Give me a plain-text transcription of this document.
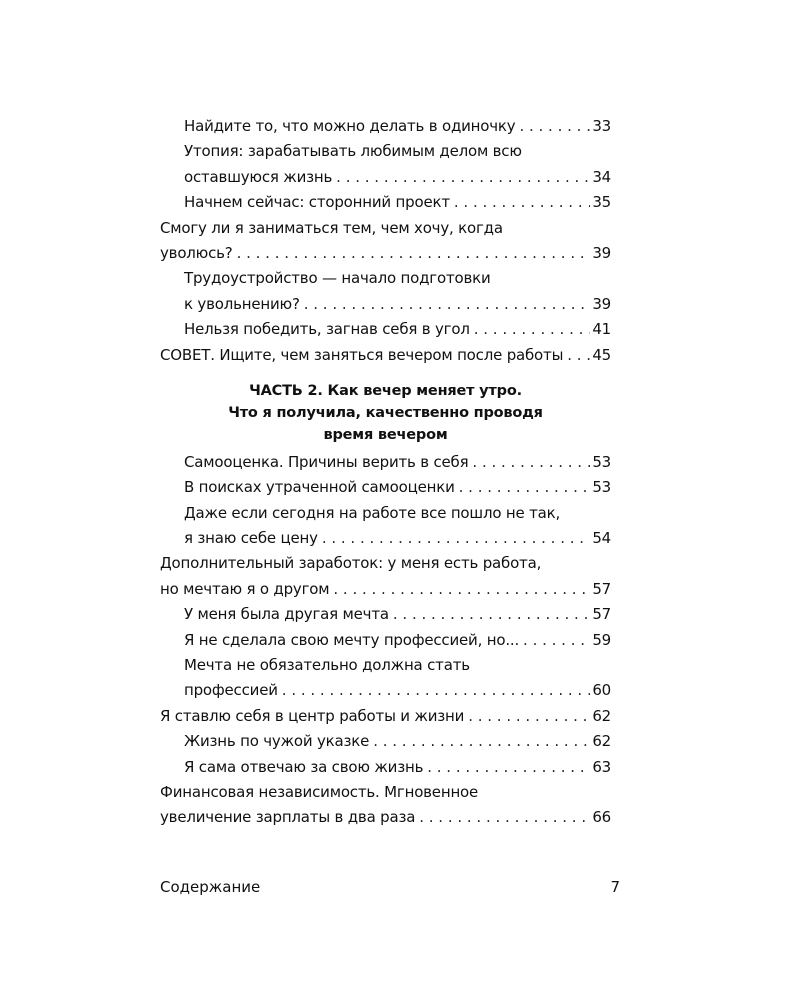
Найдите то, что можно делать в одиночку . . .	33
Утопия: зарабатывать любимым делом всю
оставшуюся жизнь . . .	34
Начнем сейчас: сторонний проект . . .	35
Смогу ли я заниматься тем, чем хочу, когда
уволюсь? . . .	39
Трудоустройство — начало подготовки
к увольнению? . . .	39
Нельзя победить, загнав себя в угол . . .	41
СОВЕТ. Ищите, чем заняться вечером после работы . . . 45
ЧАСТЬ 2. Как вечер меняет утро.
Что я получила, качественно проводя
время вечером
Самооценка. Причины верить в себя . . .	53
В поисках утраченной самооценки . . .	53
Даже если сегодня на работе все пошло не так,
я знаю себе цену . . .	54
Дополнительный заработок: у меня есть работа,
но мечтаю я о другом . . .	57
У меня была другая мечта . . .	57
Я не сделала свою мечту профессией, но... . . .	59
Мечта не обязательно должна стать
профессией . . .	60
Я ставлю себя в центр работы и жизни . . .	62
Жизнь по чужой указке . . .	62
Я сама отвечаю за свою жизнь . . .	63
Финансовая независимость. Мгновенное
увеличение зарплаты в два раза . . .	66
Содержание	7
